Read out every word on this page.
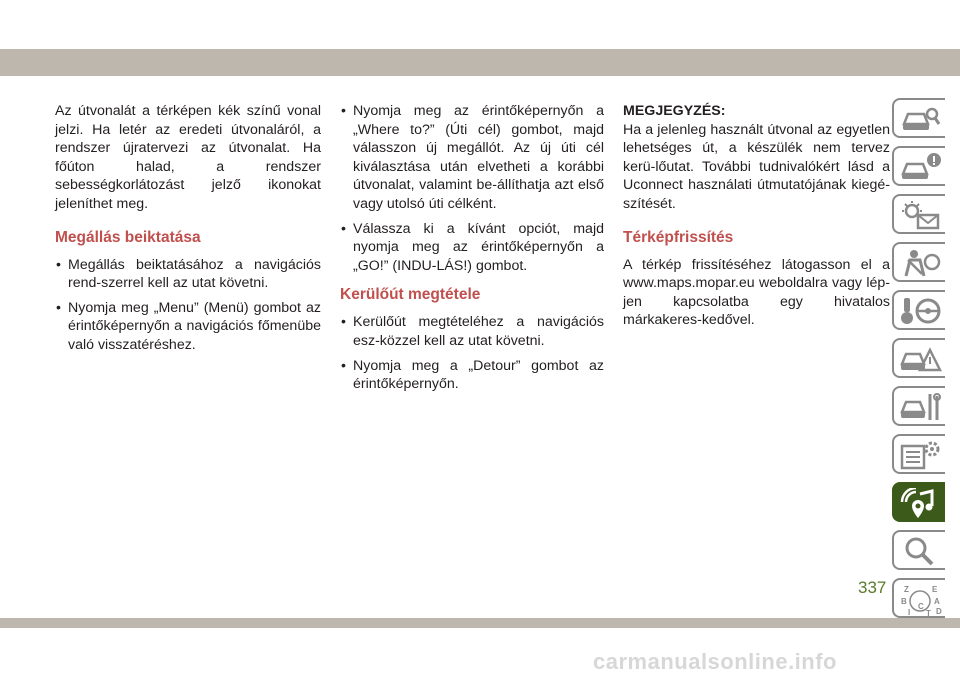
Az útvonalát a térképen kék színű vonal jelzi. Ha letér az eredeti útvonaláról, a rendszer újratervezi az útvonalat. Ha főúton halad, a rendszer sebességkorlátozást jelző ikonokat jeleníthet meg.

Megállás beiktatása
• Megállás beiktatásához a navigációs rend-szerrel kell az utat követni.
• Nyomja meg „Menu” (Menü) gombot az érintőképernyőn a navigációs főmenübe való visszatéréshez.
• Nyomja meg az érintőképernyőn a „Where to?” (Úti cél) gombot, majd válasszon új megállót. Az új úti cél kiválasztása után elvetheti a korábbi útvonalat, valamint be-állíthatja azt első vagy utolsó úti célként.
• Válassza ki a kívánt opciót, majd nyomja meg az érintőképernyőn a „GO!” (INDU-LÁS!) gombot.
Kerülőút megtétele
• Kerülőút megtételéhez a navigációs esz-közzel kell az utat követni.
• Nyomja meg a „Detour” gombot az érintőképernyőn.
MEGJEGYZÉS:

Ha a jelenleg használt útvonal az egyetlen lehetséges út, a készülék nem tervez kerü-lőutat. További tudnivalókért lásd a Uconnect használati útmutatójának kiegé-szítését.

Térképfrissítés

A térkép frissítéséhez látogasson el a www.maps.mopar.eu weboldalra vagy lép-jen kapcsolatba egy hivatalos márkakeres-kedővel.

Z	E
B	A
I
C
T D
337
carmanualsonline.info
